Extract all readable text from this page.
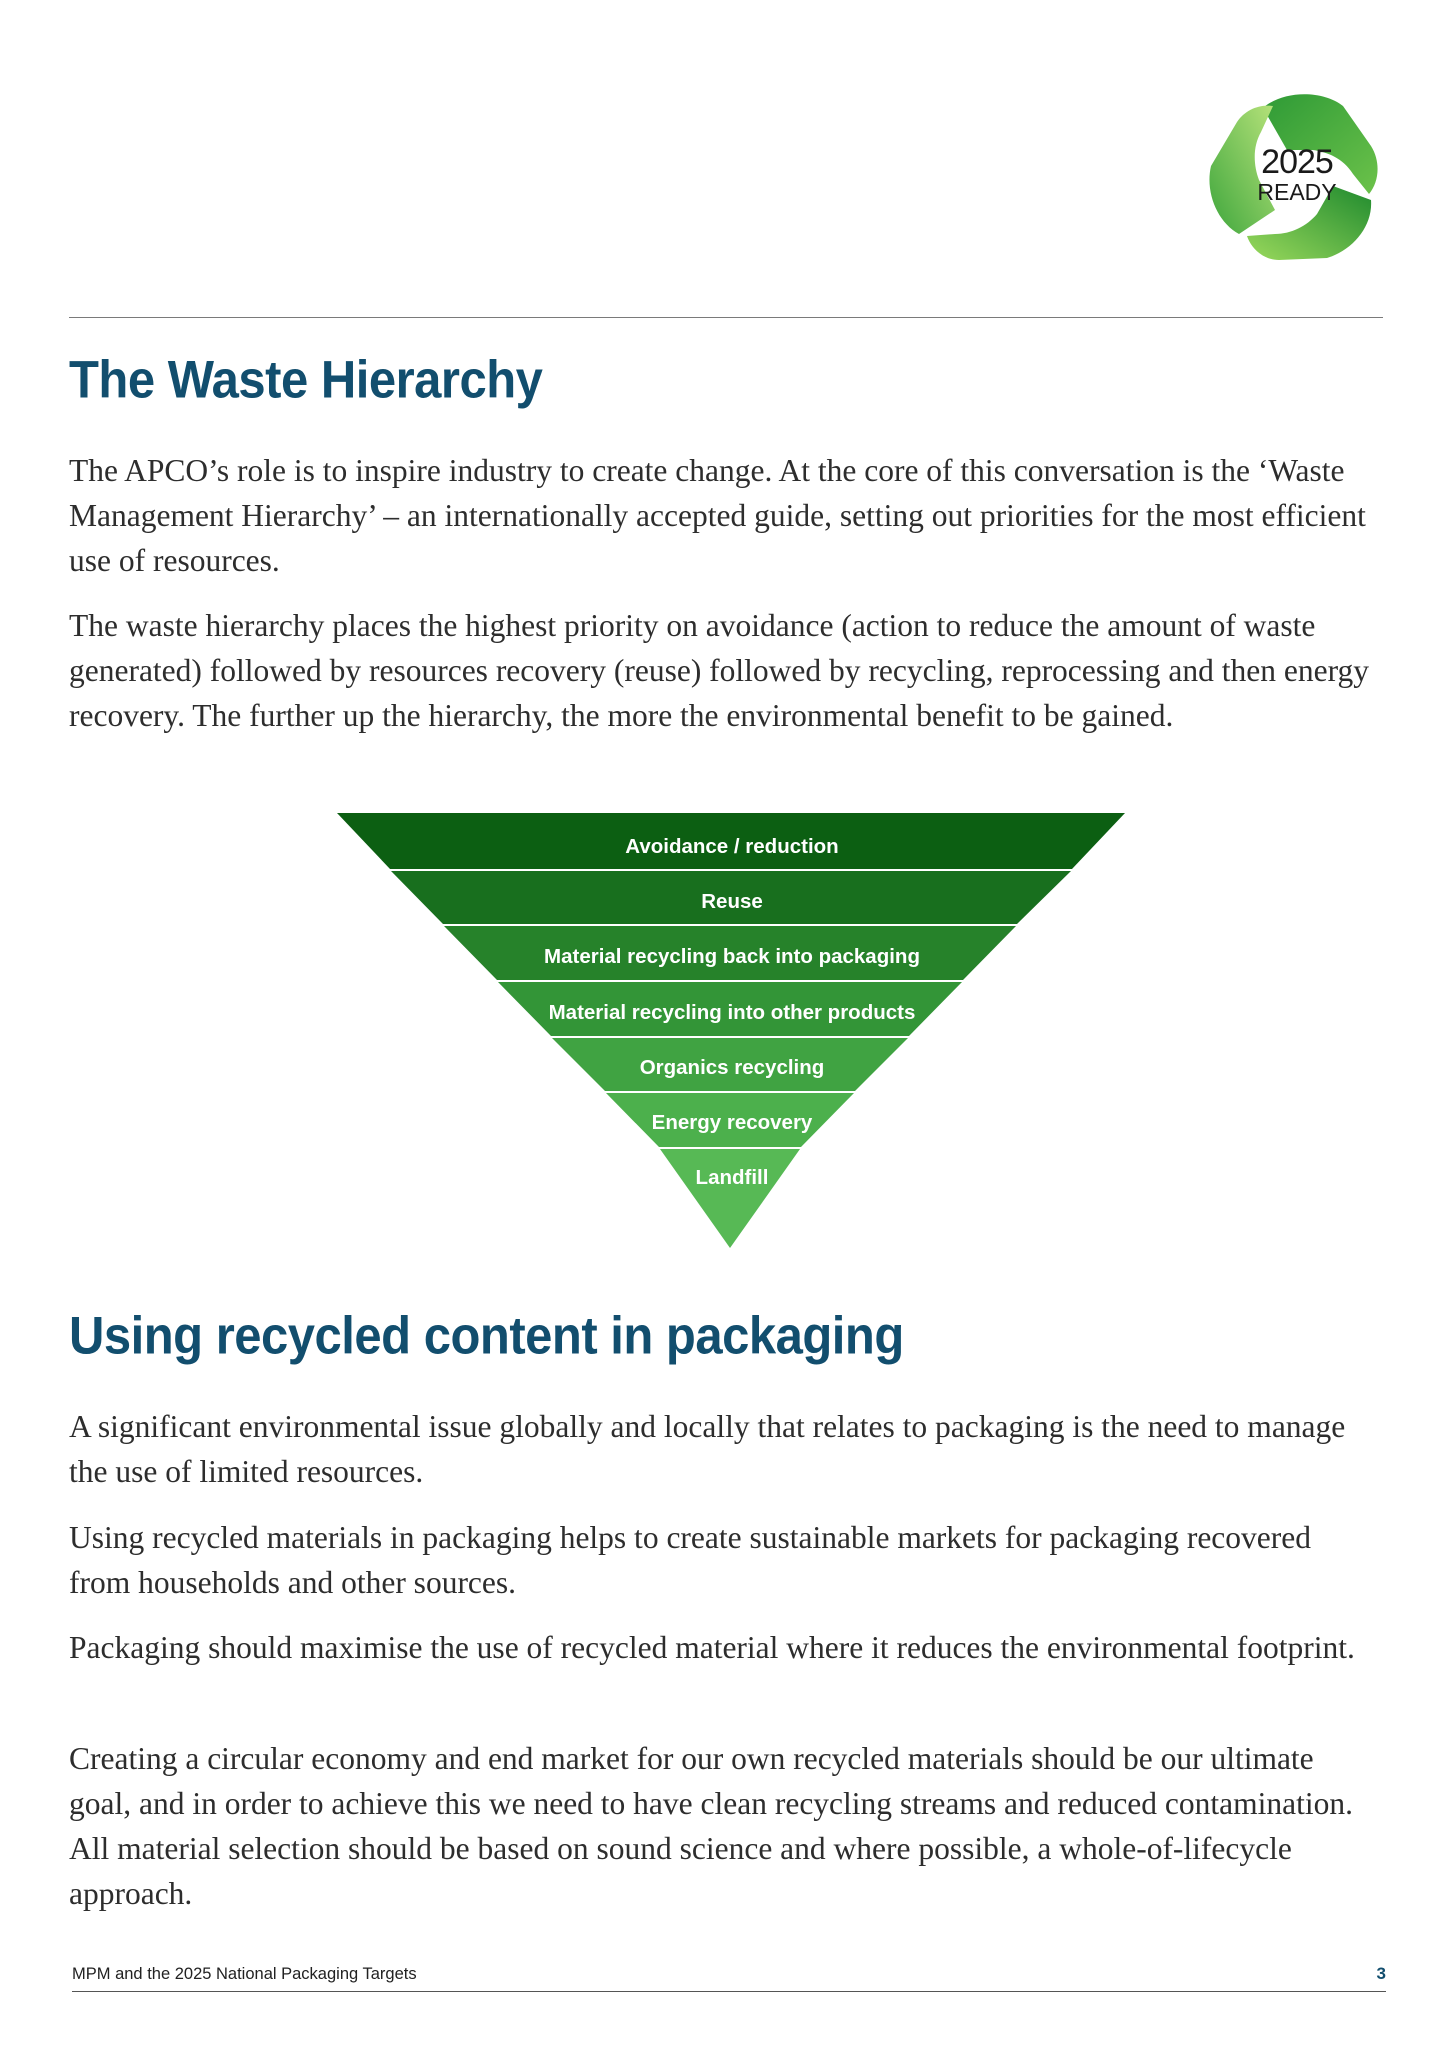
2025
READY
The Waste Hierarchy

The APCO’s role is to inspire industry to create change. At the core of this conversation is the ‘Waste Management Hierarchy’ – an internationally accepted guide, setting out priorities for the most efficient use of resources.

The waste hierarchy places the highest priority on avoidance (action to reduce the amount of waste generated) followed by resources recovery (reuse) followed by recycling, reprocessing and then energy recovery. The further up the hierarchy, the more the environmental benefit to be gained.

Avoidance / reduction
Reuse
Material recycling back into packaging
Material recycling into other products
Organics recycling
Energy recovery
Landfill
Using recycled content in packaging

A significant environmental issue globally and locally that relates to packaging is the need to manage the use of limited resources.

Using recycled materials in packaging helps to create sustainable markets for packaging recovered from households and other sources.

Packaging should maximise the use of recycled material where it reduces the environmental footprint.

Creating a circular economy and end market for our own recycled materials should be our ultimate goal, and in order to achieve this we need to have clean recycling streams and reduced contamination. All material selection should be based on sound science and where possible, a whole-of-lifecycle approach.

MPM and the 2025 National Packaging Targets	3
